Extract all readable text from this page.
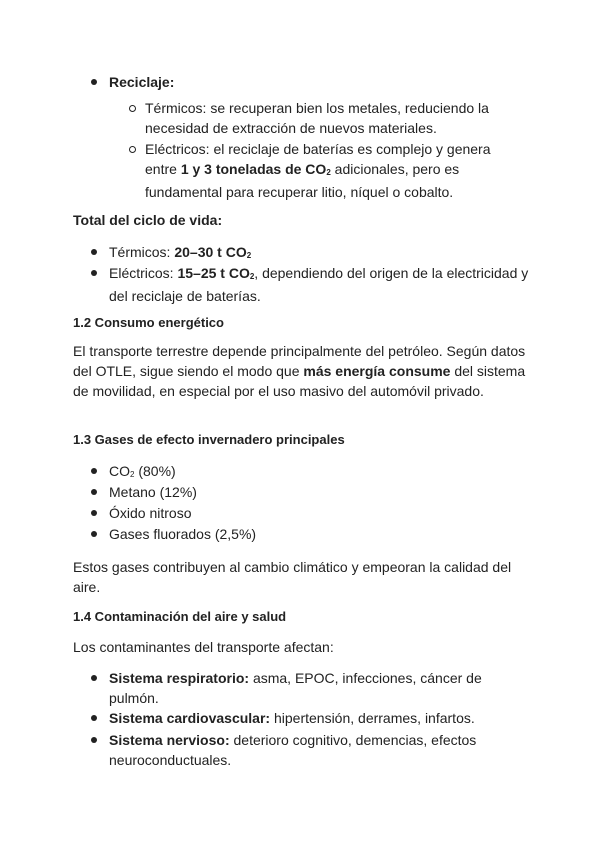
Reciclaje:

Térmicos: se recuperan bien los metales, reduciendo la necesidad de extracción de nuevos materiales.

Eléctricos: el reciclaje de baterías es complejo y genera entre 1 y 3 toneladas de $CO_2$ adicionales, pero es fundamental para recuperar litio, níquel o cobalto.

Total del ciclo de vida:

Térmicos: 20–30 t $CO_2$

Eléctricos: 15–25 t $CO_2$, dependiendo del origen de la electricidad y del reciclaje de baterías.

1.2 Consumo energético

El transporte terrestre depende principalmente del petróleo. Según datos del OTLE, sigue siendo el modo que más energía consume del sistema de movilidad, en especial por el uso masivo del automóvil privado.

1.3 Gases de efecto invernadero principales

$CO_2$ (80%)

Metano (12%)

Óxido nitroso

Gases fluorados (2,5%)

Estos gases contribuyen al cambio climático y empeoran la calidad del aire.

1.4 Contaminación del aire y salud

Los contaminantes del transporte afectan:

Sistema respiratorio: asma, EPOC, infecciones, cáncer de pulmón.

Sistema cardiovascular: hipertensión, derrames, infartos.

Sistema nervioso: deterioro cognitivo, demencias, efectos neuroconductuales.
